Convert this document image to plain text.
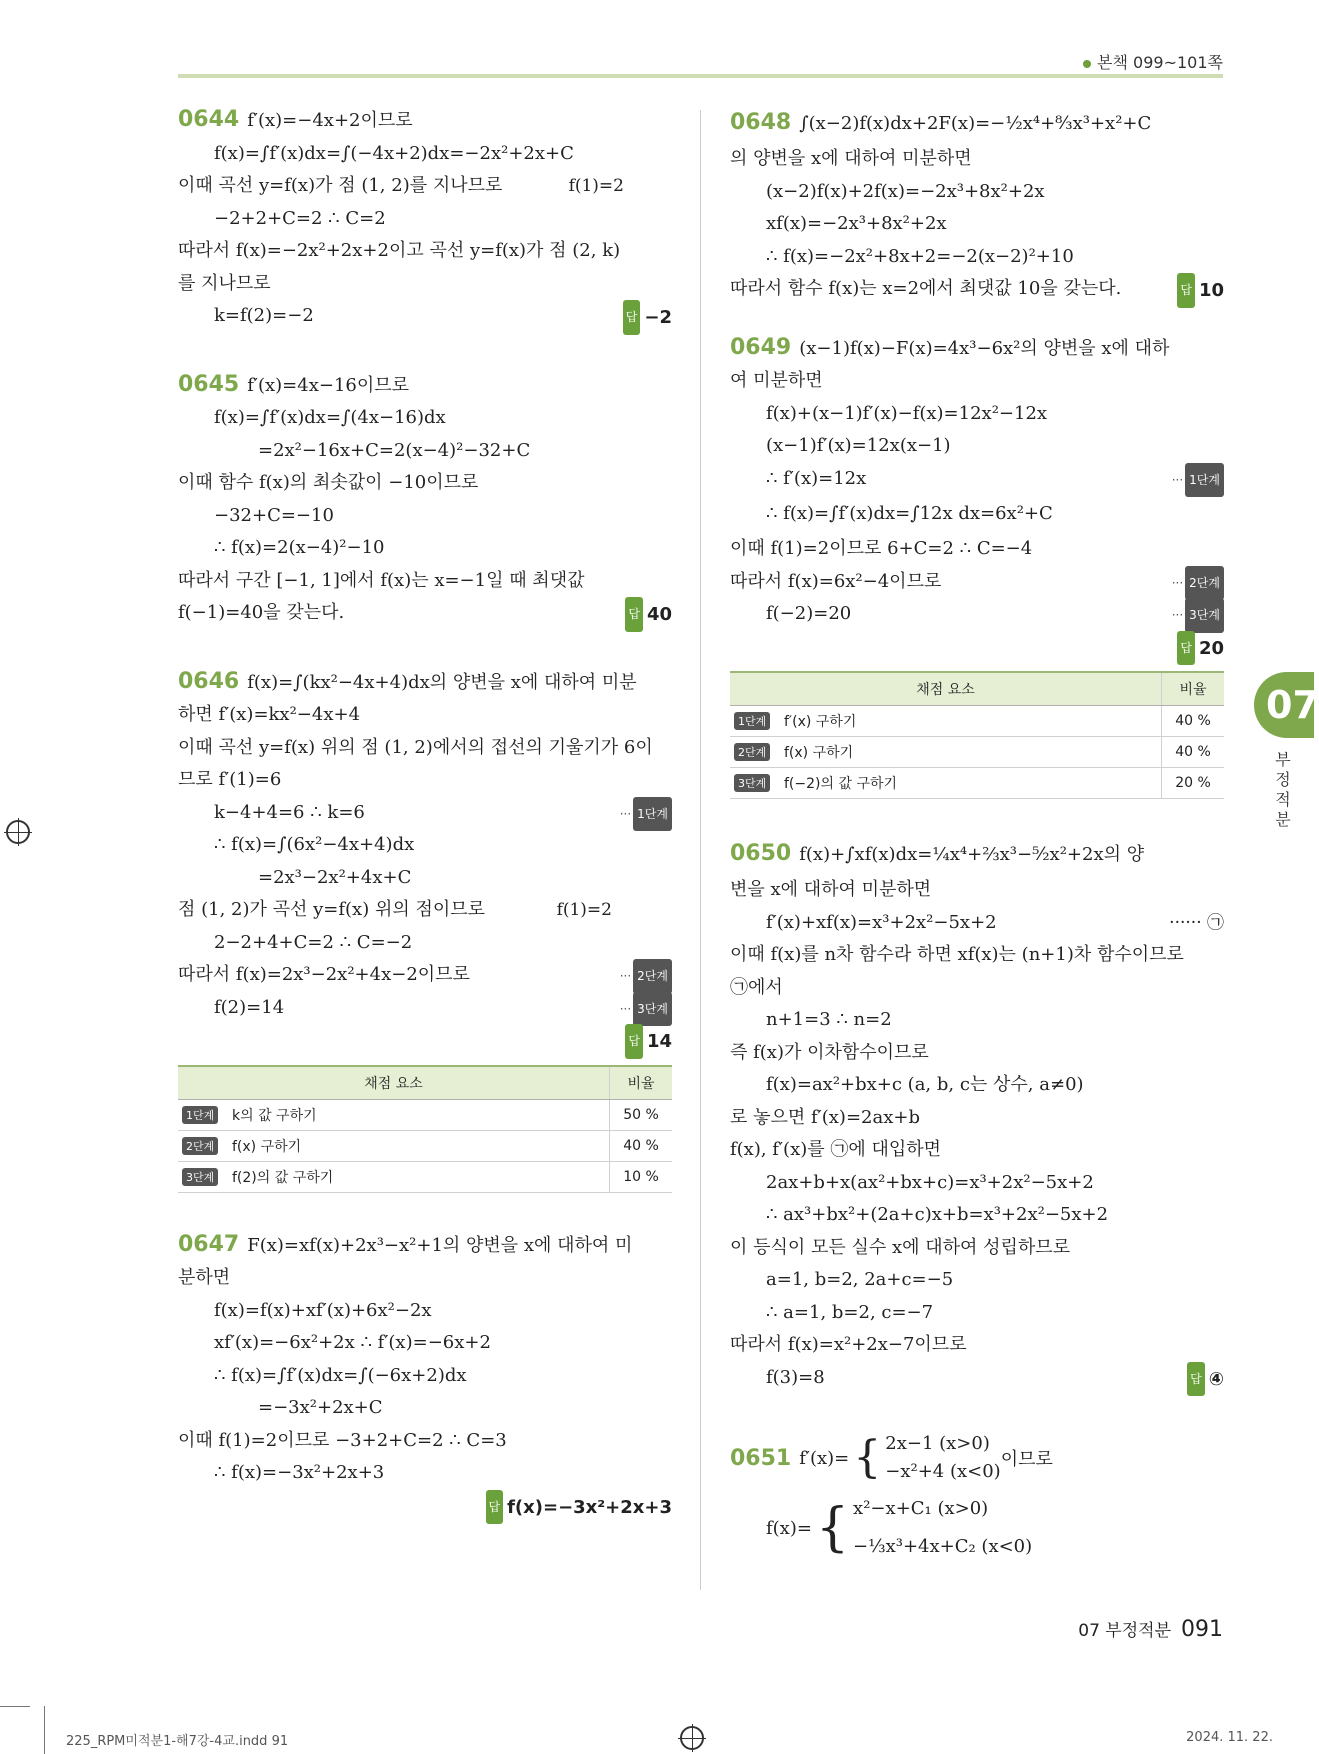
본책 099~101쪽

0644 f′(x)=−4x+2이므로

f(x)=∫f′(x)dx=∫(−4x+2)dx=−2x²+2x+C

이때 곡선 y=f(x)가 점 (1, 2)를 지나므로	f(1)=2

−2+2+C=2 ∴ C=2

따라서 f(x)=−2x²+2x+2이고 곡선 y=f(x)가 점 (2, k)

를 지나므로

k=f(2)=−2	답 −2

0645 f′(x)=4x−16이므로

f(x)=∫f′(x)dx=∫(4x−16)dx

=2x²−16x+C=2(x−4)²−32+C

이때 함수 f(x)의 최솟값이 −10이므로

−32+C=−10

∴ f(x)=2(x−4)²−10

따라서 구간 [−1, 1]에서 f(x)는 x=−1일 때 최댓값

f(−1)=40을 갖는다.	답 40

0646 f(x)=∫(kx²−4x+4)dx의 양변을 x에 대하여 미분

하면 f′(x)=kx²−4x+4

이때 곡선 y=f(x) 위의 점 (1, 2)에서의 접선의 기울기가 6이

므로 f′(1)=6

k−4+4=6 ∴ k=6	··· 1단계

∴ f(x)=∫(6x²−4x+4)dx

=2x³−2x²+4x+C

점 (1, 2)가 곡선 y=f(x) 위의 점이므로	f(1)=2

2−2+4+C=2 ∴ C=−2

따라서 f(x)=2x³−2x²+4x−2이므로	··· 2단계

f(2)=14	··· 3단계

답 14

채점 요소		비율
1단계	k의 값 구하기	50 %
2단계	f(x) 구하기	40 %
3단계	f(2)의 값 구하기	10 %

0647 F(x)=xf(x)+2x³−x²+1의 양변을 x에 대하여 미

분하면

f(x)=f(x)+xf′(x)+6x²−2x

xf′(x)=−6x²+2x ∴ f′(x)=−6x+2

∴ f(x)=∫f′(x)dx=∫(−6x+2)dx

=−3x²+2x+C

이때 f(1)=2이므로 −3+2+C=2 ∴ C=3

∴ f(x)=−3x²+2x+3

답 f(x)=−3x²+2x+3

0648 ∫(x−2)f(x)dx+2F(x)=−½x⁴+⁸⁄₃x³+x²+C

의 양변을 x에 대하여 미분하면

(x−2)f(x)+2f(x)=−2x³+8x²+2x

xf(x)=−2x³+8x²+2x

∴ f(x)=−2x²+8x+2=−2(x−2)²+10

따라서 함수 f(x)는 x=2에서 최댓값 10을 갖는다.	답 10

0649 (x−1)f(x)−F(x)=4x³−6x²의 양변을 x에 대하

여 미분하면

f(x)+(x−1)f′(x)−f(x)=12x²−12x

(x−1)f′(x)=12x(x−1)

∴ f′(x)=12x	··· 1단계

∴ f(x)=∫f′(x)dx=∫12x dx=6x²+C

이때 f(1)=2이므로 6+C=2 ∴ C=−4

따라서 f(x)=6x²−4이므로	··· 2단계

f(−2)=20	··· 3단계

답 20

채점 요소		비율
1단계	f′(x) 구하기	40 %
2단계	f(x) 구하기	40 %
3단계	f(−2)의 값 구하기	20 %

0650 f(x)+∫xf(x)dx=¼x⁴+⅔x³−⁵⁄₂x²+2x의 양

변을 x에 대하여 미분하면

f′(x)+xf(x)=x³+2x²−5x+2	······ ㉠

이때 f(x)를 n차 함수라 하면 xf(x)는 (n+1)차 함수이므로

㉠에서

n+1=3 ∴ n=2

즉 f(x)가 이차함수이므로

f(x)=ax²+bx+c (a, b, c는 상수, a≠0)

로 놓으면 f′(x)=2ax+b

f(x), f′(x)를 ㉠에 대입하면

2ax+b+x(ax²+bx+c)=x³+2x²−5x+2

∴ ax³+bx²+(2a+c)x+b=x³+2x²−5x+2

이 등식이 모든 실수 x에 대하여 성립하므로

a=1, b=2, 2a+c=−5

∴ a=1, b=2, c=−7

따라서 f(x)=x²+2x−7이므로

f(3)=8	답 ④

0651 f′(x)= { 2x−1 (x>0)
−x²+4 (x<0)
이므로
f(x)= { x²−x+C₁ (x>0)
−⅓x³+4x+C₂ (x<0)
07
부정적분
07 부정적분 091
225_RPM미적분1-해7강-4교.indd 91	2024. 11. 22.
